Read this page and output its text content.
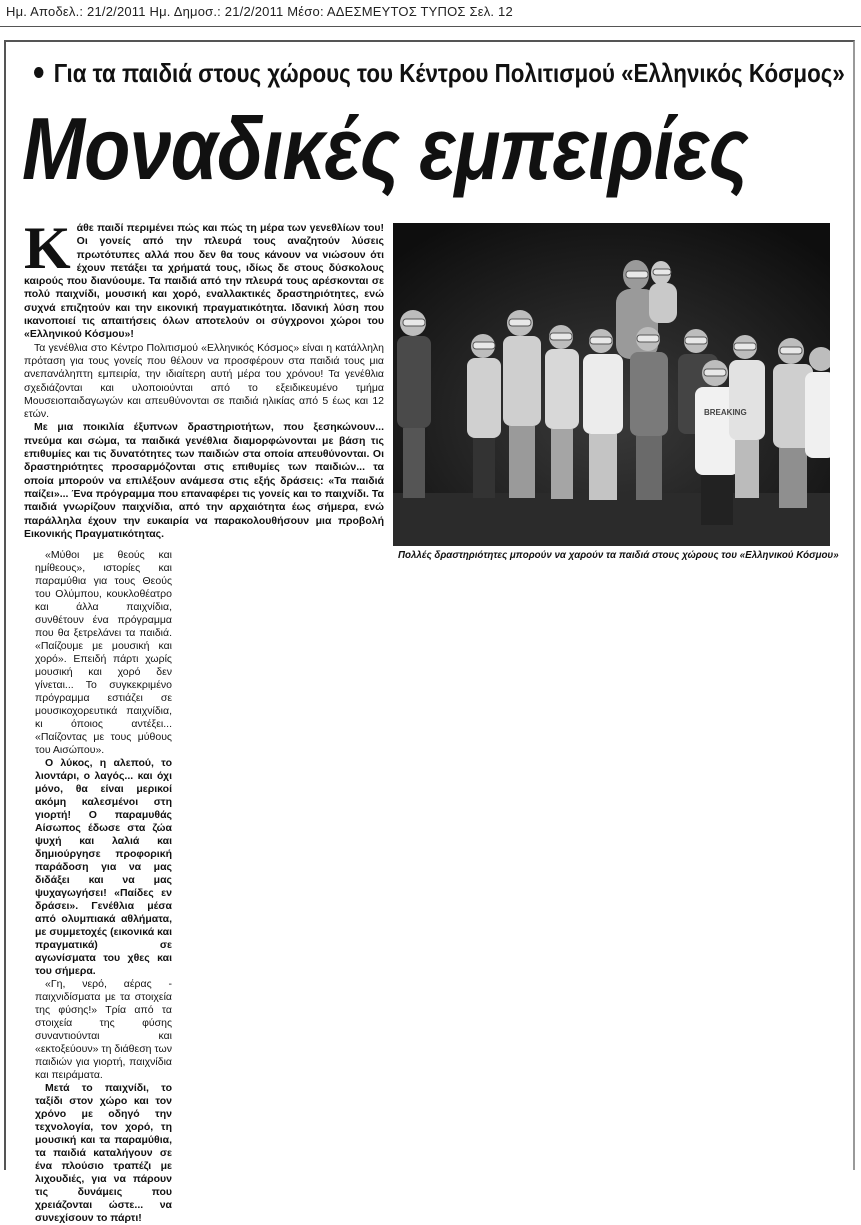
Ημ. Αποδελ.: 21/2/2011 Ημ. Δημοσ.: 21/2/2011 Μέσο: ΑΔΕΣΜΕΥΤΟΣ ΤΥΠΟΣ Σελ. 12
Για τα παιδιά στους χώρους του Κέντρου Πολιτισμού «Ελληνικός Κόσμος»
Μοναδικές εμπειρίες

Κάθε παιδί περιμένει πώς και πώς τη μέρα των γενεθλίων του! Οι γονείς από την πλευρά τους αναζητούν λύσεις πρωτότυπες αλλά που δεν θα τους κάνουν να νιώσουν ότι έχουν πετάξει τα χρήματά τους, ιδίως δε στους δύσκολους καιρούς που διανύουμε. Τα παιδιά από την πλευρά τους αρέσκονται σε πολύ παιχνίδι, μουσική και χορό, εναλλακτικές δραστηριότητες, ενώ συχνά επιζητούν και την εικονική πραγματικότητα. Ιδανική λύση που ικανοποιεί τις απαιτήσεις όλων αποτελούν οι σύγχρονοι χώροι του «Ελληνικού Κόσμου»!

Τα γενέθλια στο Κέντρο Πολιτισμού «Ελληνικός Κόσμος» είναι η κατάλληλη πρόταση για τους γονείς που θέλουν να προσφέρουν στα παιδιά τους μια ανεπανάληπτη εμπειρία, την ιδιαίτερη αυτή μέρα του χρόνου! Τα γενέθλια σχεδιάζονται και υλοποιούνται από το εξειδικευμένο τμήμα Μουσειοπαιδαγωγών και απευθύνονται σε παιδιά ηλικίας από 5 έως και 12 ετών.

Με μια ποικιλία έξυπνων δραστηριοτήτων, που ξεσηκώνουν... πνεύμα και σώμα, τα παιδικά γενέθλια διαμορφώνονται με βάση τις επιθυμίες και τις δυνατότητες των παιδιών στα οποία απευθύνονται. Οι δραστηριότητες προσαρμόζονται στις επιθυμίες των παιδιών... τα οποία μπορούν να επιλέξουν ανάμεσα στις εξής δράσεις: «Τα παιδιά παίζει»... Ένα πρόγραμμα που επαναφέρει τις γονείς και το παιχνίδι. Τα παιδιά γνωρίζουν παιχνίδια, από την αρχαιότητα έως σήμερα, ενώ παράλληλα έχουν την ευκαιρία να παρακολουθήσουν μια προβολή Εικονικής Πραγματικότητας.

«Μύθοι με θεούς και ημίθεους», ιστορίες και παραμύθια για τους Θεούς του Ολύμπου, κουκλοθέατρο και άλλα παιχνίδια, συνθέτουν ένα πρόγραμμα που θα ξετρελάνει τα παιδιά. «Παίζουμε με μουσική και χορό». Επειδή πάρτι χωρίς μουσική και χορό δεν γίνεται... Το συγκεκριμένο πρόγραμμα εστιάζει σε μουσικοχορευτικά παιχνίδια, κι όποιος αντέξει... «Παίζοντας με τους μύθους του Αισώπου».

Ο λύκος, η αλεπού, το λιοντάρι, ο λαγός... και όχι μόνο, θα είναι μερικοί ακόμη καλεσμένοι στη γιορτή! Ο παραμυθάς Αίσωπος έδωσε στα ζώα ψυχή και λαλιά και δημιούργησε προφορική παράδοση για να μας διδάξει και να μας ψυχαγωγήσει! «Παίδες εν δράσει». Γενέθλια μέσα από ολυμπιακά αθλήματα, με συμμετοχές (εικονικά και πραγματικά) σε αγωνίσματα του χθες και του σήμερα.

«Γη, νερό, αέρας - παιχνιδίσματα με τα στοιχεία της φύσης!» Τρία από τα στοιχεία της φύσης συναντιούνται και «εκτοξεύουν» τη διάθεση των παιδιών για γιορτή, παιχνίδια και πειράματα.

Μετά το παιχνίδι, το ταξίδι στον χώρο και τον χρόνο με οδηγό την τεχνολογία, τον χορό, τη μουσική και τα παραμύθια, τα παιδιά καταλήγουν σε ένα πλούσιο τραπέζι με λιχουδιές, για να πάρουν τις δυνάμεις που χρειάζονται ώστε... να συνεχίσουν το πάρτι!

BREAKING
Πολλές δραστηριότητες μπορούν να χαρούν τα παιδιά στους χώρους του «Ελληνικού Κόσμου»
